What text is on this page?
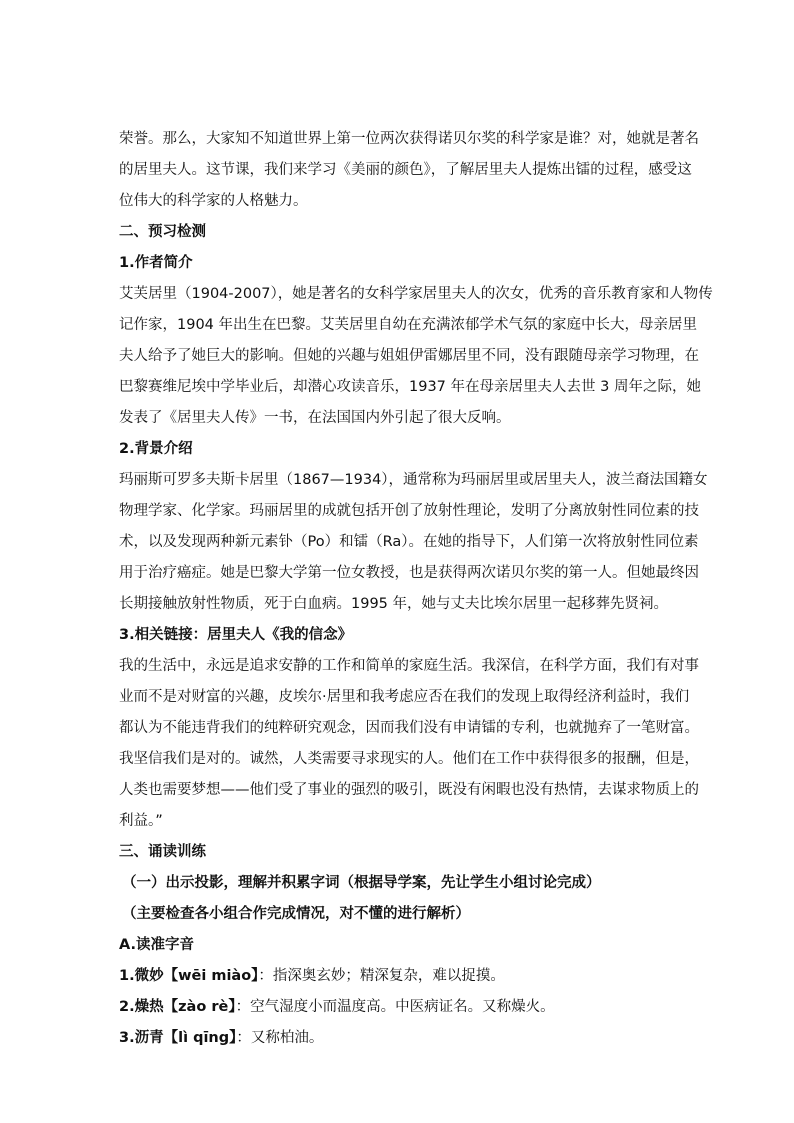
荣誉。那么，大家知不知道世界上第一位两次获得诺贝尔奖的科学家是谁？对，她就是著名

的居里夫人。这节课，我们来学习《美丽的颜色》，了解居里夫人提炼出镭的过程，感受这

位伟大的科学家的人格魅力。

二、预习检测

1.作者简介

艾芙居里（1904-2007），她是著名的女科学家居里夫人的次女，优秀的音乐教育家和人物传

记作家，1904 年出生在巴黎。艾芙居里自幼在充满浓郁学术气氛的家庭中长大，母亲居里

夫人给予了她巨大的影响。但她的兴趣与姐姐伊雷娜居里不同，没有跟随母亲学习物理，在

巴黎赛维尼埃中学毕业后，却潜心攻读音乐，1937 年在母亲居里夫人去世 3 周年之际，她

发表了《居里夫人传》一书，在法国国内外引起了很大反响。

2.背景介绍

玛丽斯可罗多夫斯卡居里（1867—1934），通常称为玛丽居里或居里夫人，波兰裔法国籍女

物理学家、化学家。玛丽居里的成就包括开创了放射性理论，发明了分离放射性同位素的技

术，以及发现两种新元素钋（Po）和镭（Ra）。在她的指导下，人们第一次将放射性同位素

用于治疗癌症。她是巴黎大学第一位女教授，也是获得两次诺贝尔奖的第一人。但她最终因

长期接触放射性物质，死于白血病。1995 年，她与丈夫比埃尔居里一起移葬先贤祠。

3.相关链接：居里夫人《我的信念》

我的生活中，永远是追求安静的工作和简单的家庭生活。我深信，在科学方面，我们有对事

业而不是对财富的兴趣，皮埃尔·居里和我考虑应否在我们的发现上取得经济利益时，我们

都认为不能违背我们的纯粹研究观念，因而我们没有申请镭的专利，也就抛弃了一笔财富。

我坚信我们是对的。诚然，人类需要寻求现实的人。他们在工作中获得很多的报酬，但是，

人类也需要梦想——他们受了事业的强烈的吸引，既没有闲暇也没有热情，去谋求物质上的

利益。”

三、诵读训练

（一）出示投影，理解并积累字词（根据导学案，先让学生小组讨论完成）

（主要检查各小组合作完成情况，对不懂的进行解析）

A.读准字音

1.微妙【wēi miào】：指深奥玄妙；精深复杂，难以捉摸。

2.燥热【zào rè】：空气湿度小而温度高。中医病证名。又称燥火。

3.沥青【lì qīng】：又称柏油。
